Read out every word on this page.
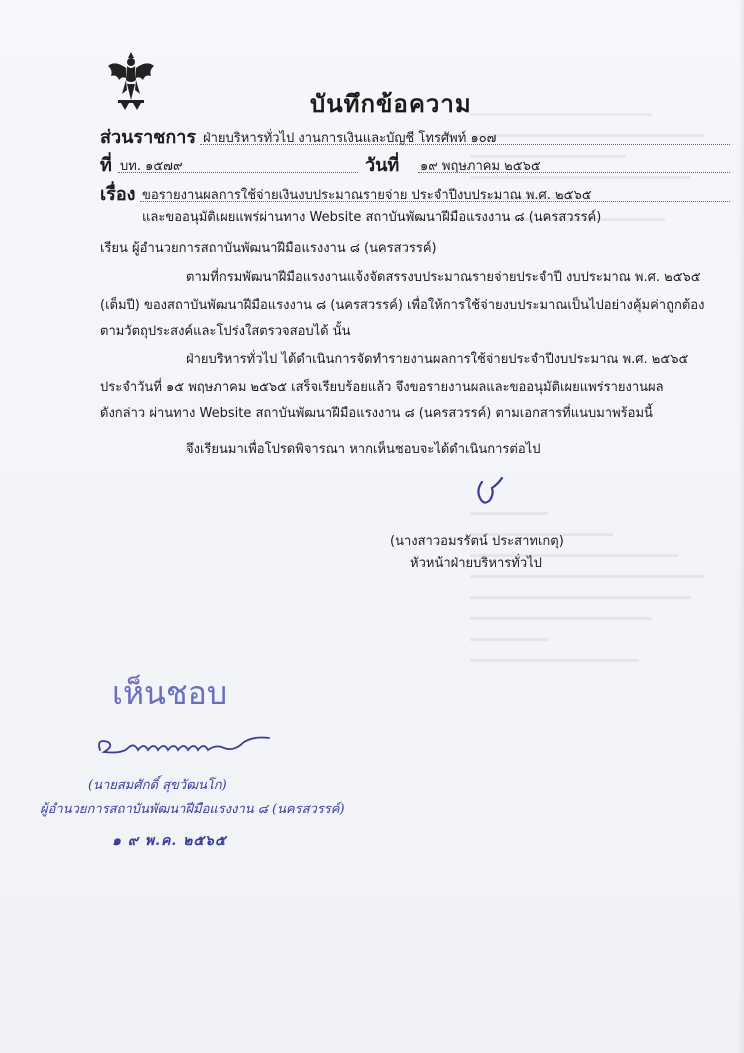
บันทึกข้อความ
ส่วนราชการ ฝ่ายบริหารทั่วไป งานการเงินและบัญชี โทรศัพท์ ๑๐๗
ที่ บท. ๑๕๗๙	วันที่ ๑๙ พฤษภาคม ๒๕๖๕
เรื่อง ขอรายงานผลการใช้จ่ายเงินงบประมาณรายจ่าย ประจำปีงบประมาณ พ.ศ. ๒๕๖๕
และขออนุมัติเผยแพร่ผ่านทาง Website สถาบันพัฒนาฝีมือแรงงาน ๘ (นครสวรรค์)
เรียน ผู้อำนวยการสถาบันพัฒนาฝีมือแรงงาน ๘ (นครสวรรค์)
ตามที่กรมพัฒนาฝีมือแรงงานแจ้งจัดสรรงบประมาณรายจ่ายประจำปี งบประมาณ พ.ศ. ๒๕๖๕
(เต็มปี) ของสถาบันพัฒนาฝีมือแรงงาน ๘ (นครสวรรค์) เพื่อให้การใช้จ่ายงบประมาณเป็นไปอย่างคุ้มค่าถูกต้อง
ตามวัตถุประสงค์และโปร่งใสตรวจสอบได้ นั้น
ฝ่ายบริหารทั่วไป ได้ดำเนินการจัดทำรายงานผลการใช้จ่ายประจำปีงบประมาณ พ.ศ. ๒๕๖๕
ประจำวันที่ ๑๕ พฤษภาคม ๒๕๖๕ เสร็จเรียบร้อยแล้ว จึงขอรายงานผลและขออนุมัติเผยแพร่รายงานผล
ดังกล่าว ผ่านทาง Website สถาบันพัฒนาฝีมือแรงงาน ๘ (นครสวรรค์) ตามเอกสารที่แนบมาพร้อมนี้
จึงเรียนมาเพื่อโปรดพิจารณา หากเห็นชอบจะได้ดำเนินการต่อไป
(นางสาวอมรรัตน์ ประสาทเกตุ)
หัวหน้าฝ่ายบริหารทั่วไป
เห็นชอบ
(นายสมศักดิ์ สุขวัฒนโก)
ผู้อำนวยการสถาบันพัฒนาฝีมือแรงงาน ๘ (นครสวรรค์)
๑ ๙ พ.ค. ๒๕๖๕
